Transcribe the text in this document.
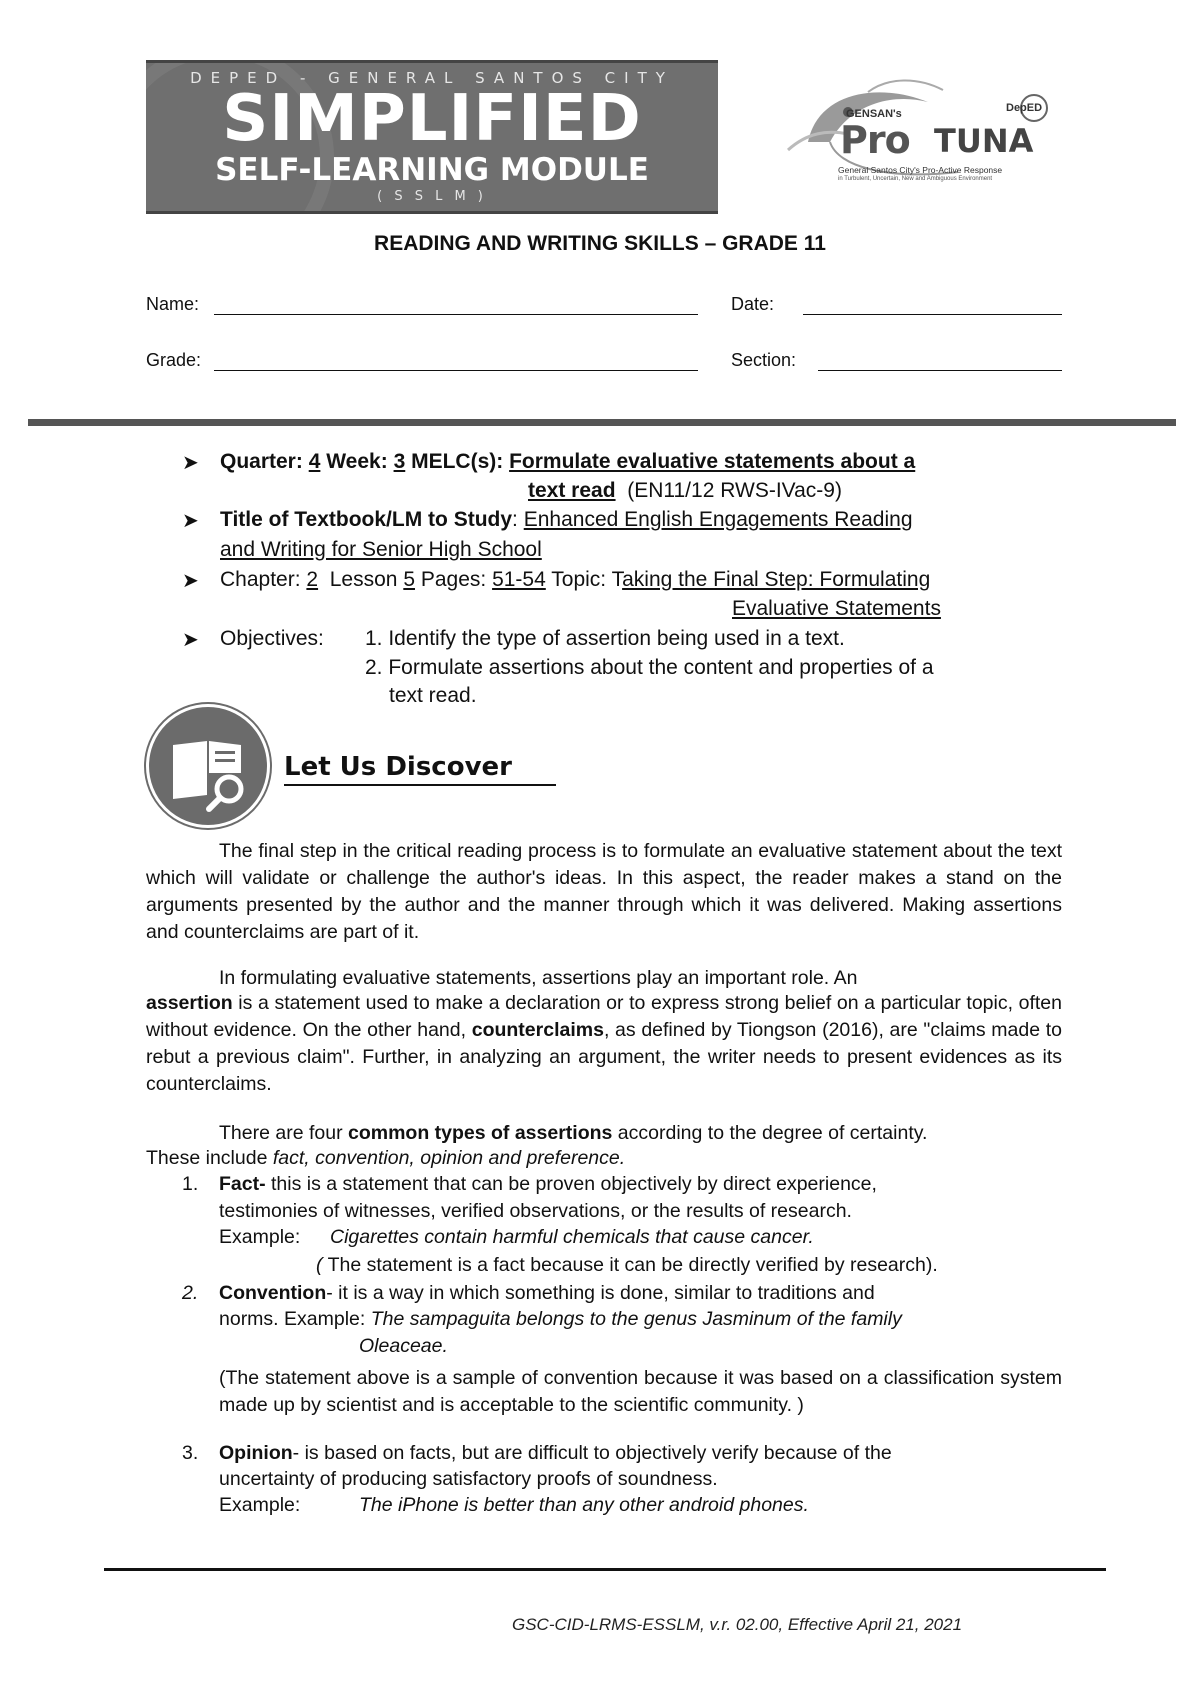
DEPED - GENERAL SANTOS CITY
SIMPLIFIED
SELF-LEARNING MODULE
( S S L M )
GENSAN's
Pro TUNA
DepED
General Santos City's Pro-Active Response
in Turbulent, Uncertain, New and Ambiguous Environment
READING AND WRITING SKILLS – GRADE 11
Name:	Date:
Grade:	Section:
➤ Quarter: 4 Week: 3 MELC(s): Formulate evaluative statements about a
text read (EN11/12 RWS-IVac-9)
➤ Title of Textbook/LM to Study: Enhanced English Engagements Reading
and Writing for Senior High School
➤ Chapter: 2 Lesson 5 Pages: 51-54 Topic: Taking the Final Step: Formulating
Evaluative Statements
➤ Objectives: 1. Identify the type of assertion being used in a text.
2. Formulate assertions about the content and properties of a
text read.
Let Us Discover
The final step in the critical reading process is to formulate an evaluative statement about the text which will validate or challenge the author's ideas. In this aspect, the reader makes a stand on the arguments presented by the author and the manner through which it was delivered. Making assertions and counterclaims are part of it.
In formulating evaluative statements, assertions play an important role. An
assertion is a statement used to make a declaration or to express strong belief on a particular topic, often without evidence. On the other hand, counterclaims, as defined by Tiongson (2016), are "claims made to rebut a previous claim". Further, in analyzing an argument, the writer needs to present evidences as its counterclaims.
There are four common types of assertions according to the degree of certainty.
These include fact, convention, opinion and preference.
1. Fact- this is a statement that can be proven objectively by direct experience,
testimonies of witnesses, verified observations, or the results of research.
Example: Cigarettes contain harmful chemicals that cause cancer.
( The statement is a fact because it can be directly verified by research).
2. Convention- it is a way in which something is done, similar to traditions and
norms. Example: The sampaguita belongs to the genus Jasminum of the family
Oleaceae.
(The statement above is a sample of convention because it was based on a classification system made up by scientist and is acceptable to the scientific community. )
3. Opinion- is based on facts, but are difficult to objectively verify because of the
uncertainty of producing satisfactory proofs of soundness.
Example:	The iPhone is better than any other android phones.
GSC-CID-LRMS-ESSLM, v.r. 02.00, Effective April 21, 2021
